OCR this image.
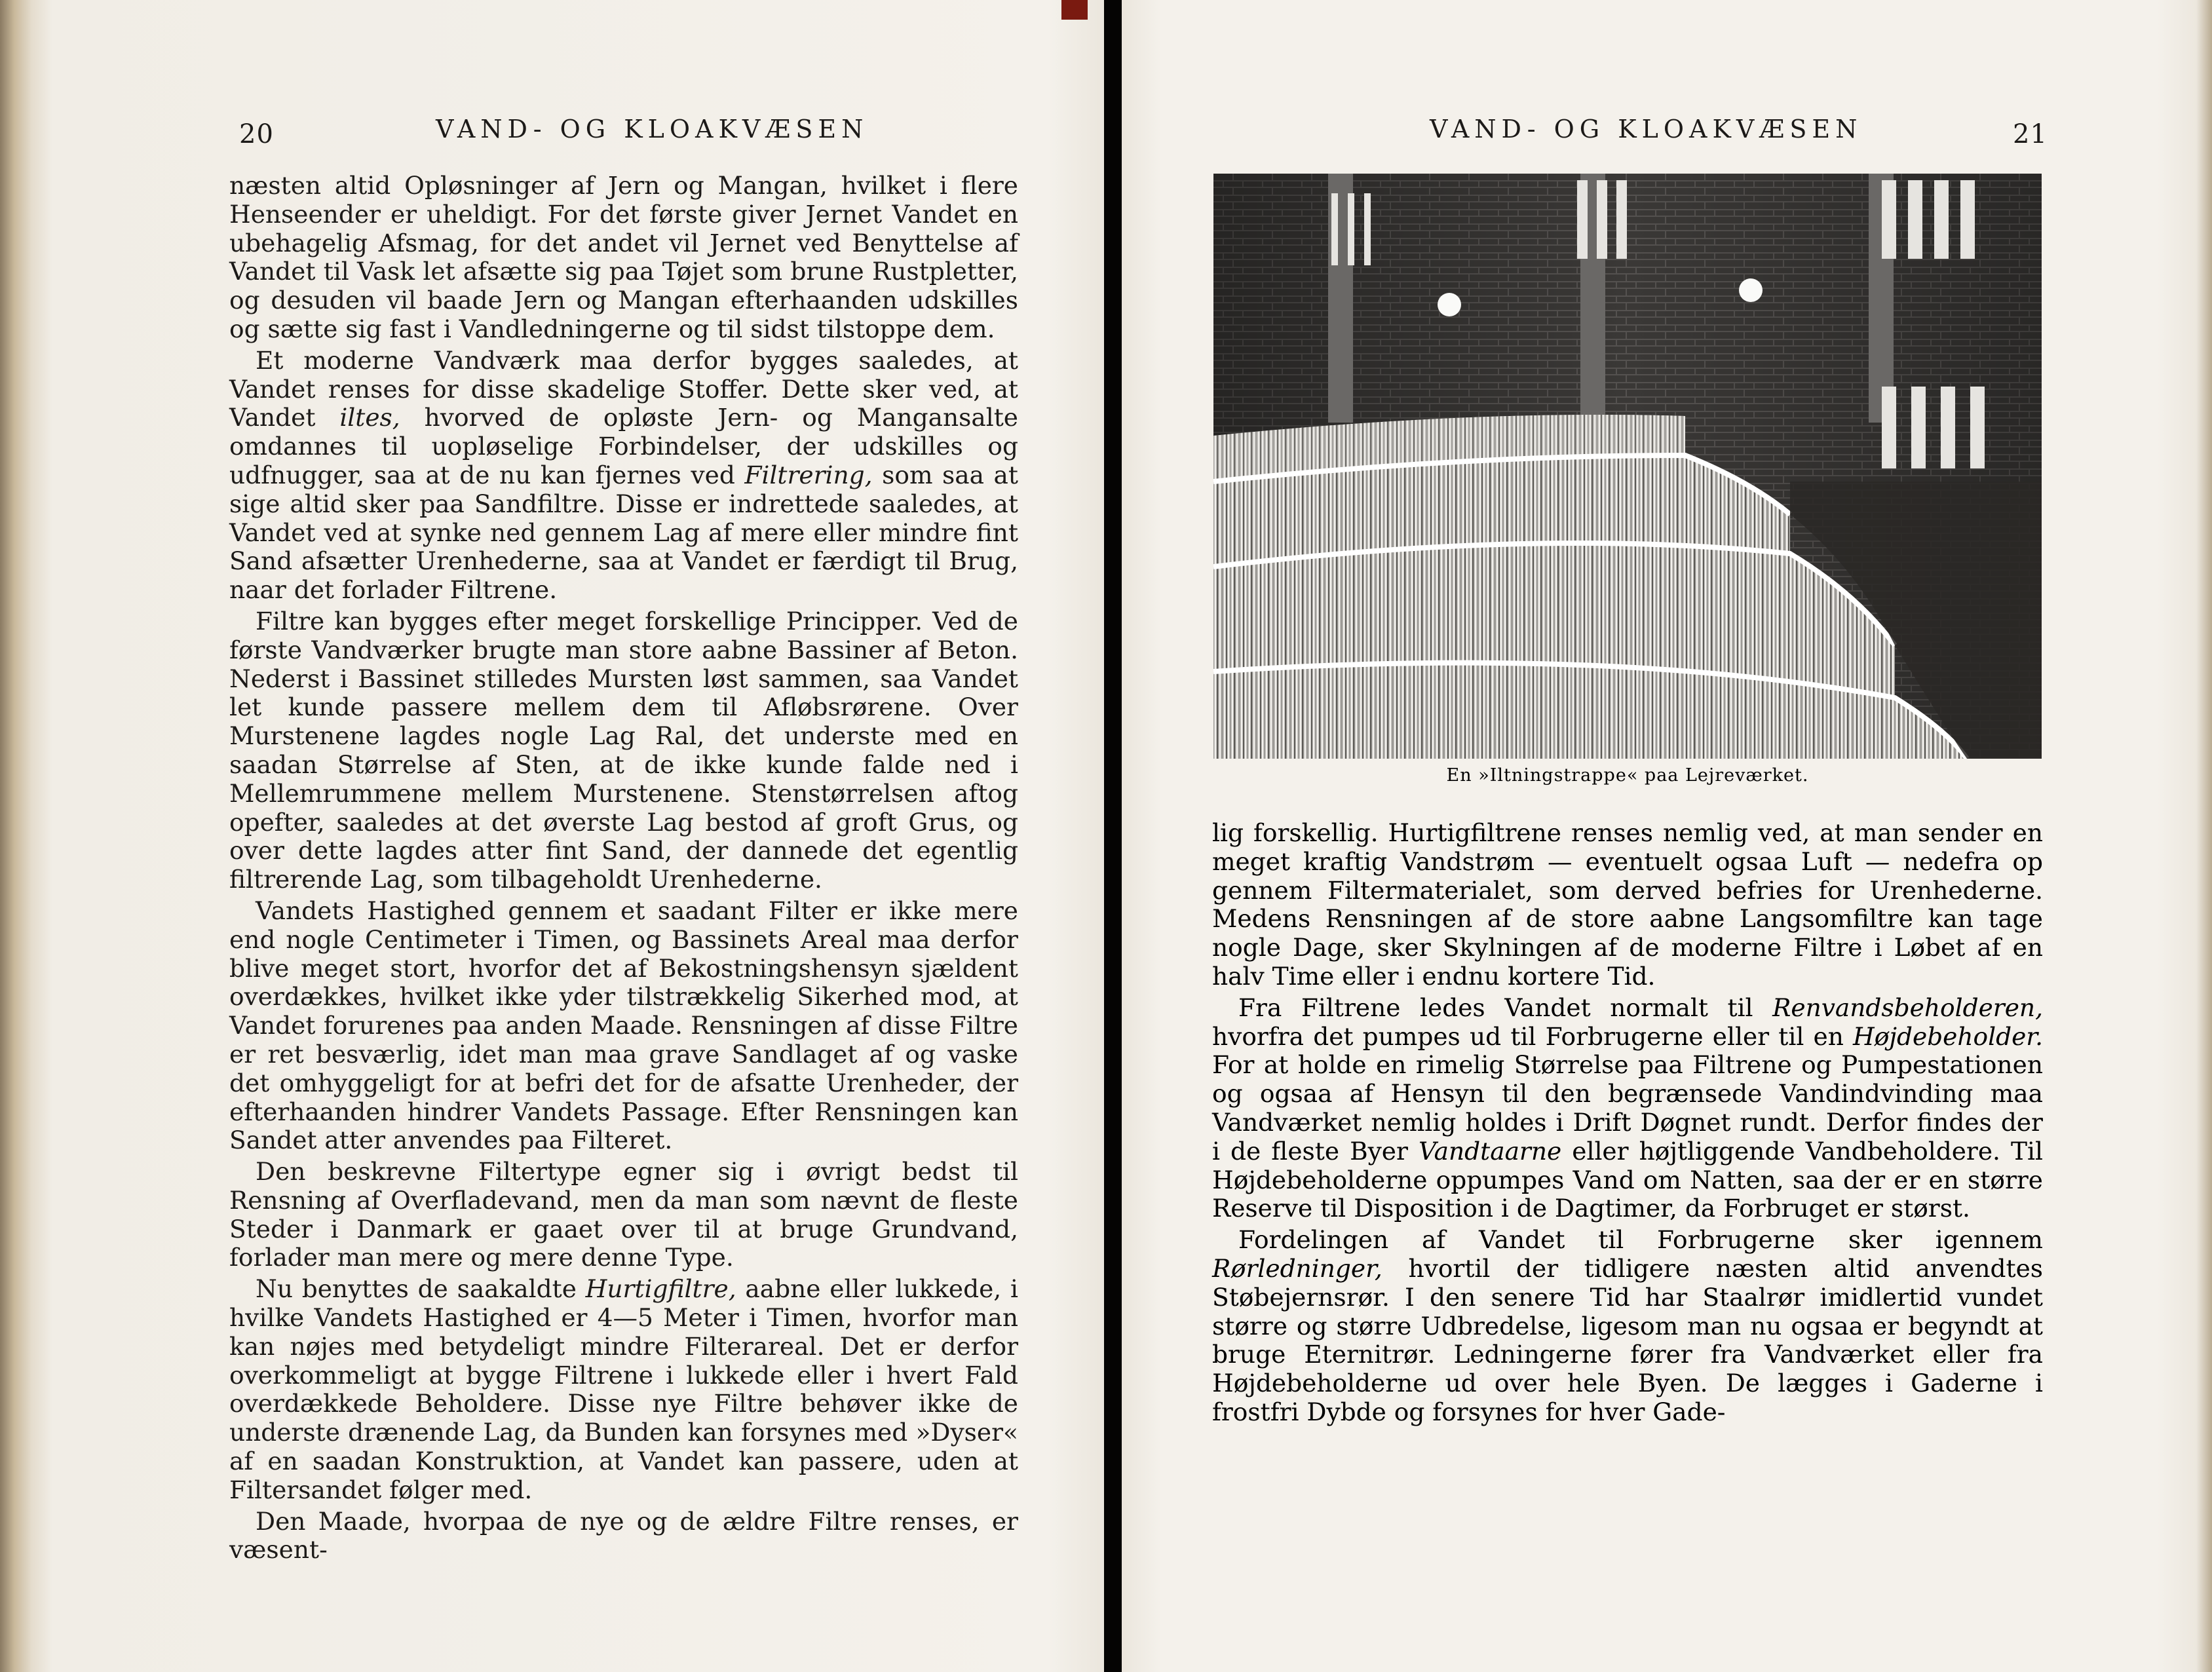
20	VAND- OG KLOAKVÆSEN

næsten altid Opløsninger af Jern og Mangan, hvilket i flere Henseender er uheldigt. For det første giver Jernet Vandet en ubehagelig Afsmag, for det andet vil Jernet ved Benyttelse af Vandet til Vask let afsætte sig paa Tøjet som brune Rustpletter, og desuden vil baade Jern og Mangan efterhaanden udskilles og sætte sig fast i Vandledningerne og til sidst tilstoppe dem.

Et moderne Vandværk maa derfor bygges saaledes, at Vandet renses for disse skadelige Stoffer. Dette sker ved, at Vandet iltes, hvorved de opløste Jern- og Mangansalte omdannes til uopløselige Forbindelser, der udskilles og udfnugger, saa at de nu kan fjernes ved Filtrering, som saa at sige altid sker paa Sandfiltre. Disse er indrettede saaledes, at Vandet ved at synke ned gennem Lag af mere eller mindre fint Sand afsætter Urenhederne, saa at Vandet er færdigt til Brug, naar det forlader Filtrene.

Filtre kan bygges efter meget forskellige Principper. Ved de første Vandværker brugte man store aabne Bassiner af Beton. Nederst i Bassinet stilledes Mursten løst sammen, saa Vandet let kunde passere mellem dem til Afløbsrørene. Over Murstenene lagdes nogle Lag Ral, det underste med en saadan Størrelse af Sten, at de ikke kunde falde ned i Mellemrummene mellem Murstenene. Stenstørrelsen aftog opefter, saaledes at det øverste Lag bestod af groft Grus, og over dette lagdes atter fint Sand, der dannede det egentlig filtrerende Lag, som tilbageholdt Urenhederne.

Vandets Hastighed gennem et saadant Filter er ikke mere end nogle Centimeter i Timen, og Bassinets Areal maa derfor blive meget stort, hvorfor det af Bekostningshensyn sjældent overdækkes, hvilket ikke yder tilstrækkelig Sikerhed mod, at Vandet forurenes paa anden Maade. Rensningen af disse Filtre er ret besværlig, idet man maa grave Sandlaget af og vaske det omhyggeligt for at befri det for de afsatte Urenheder, der efterhaanden hindrer Vandets Passage. Efter Rensningen kan Sandet atter anvendes paa Filteret.

Den beskrevne Filtertype egner sig i øvrigt bedst til Rensning af Overfladevand, men da man som nævnt de fleste Steder i Danmark er gaaet over til at bruge Grundvand, forlader man mere og mere denne Type.

Nu benyttes de saakaldte Hurtigfiltre, aabne eller lukkede, i hvilke Vandets Hastighed er 4—5 Meter i Timen, hvorfor man kan nøjes med betydeligt mindre Filterareal. Det er derfor overkommeligt at bygge Filtrene i lukkede eller i hvert Fald overdækkede Beholdere. Disse nye Filtre behøver ikke de underste drænende Lag, da Bunden kan forsynes med »Dyser« af en saadan Konstruktion, at Vandet kan passere, uden at Filtersandet følger med.

Den Maade, hvorpaa de nye og de ældre Filtre renses, er væsent-

VAND- OG KLOAKVÆSEN	21
En »Iltningstrappe« paa Lejreværket.

lig forskellig. Hurtigfiltrene renses nemlig ved, at man sender en meget kraftig Vandstrøm — eventuelt ogsaa Luft — nedefra op gennem Filtermaterialet, som derved befries for Urenhederne. Medens Rensningen af de store aabne Langsomfiltre kan tage nogle Dage, sker Skylningen af de moderne Filtre i Løbet af en halv Time eller i endnu kortere Tid.

Fra Filtrene ledes Vandet normalt til Renvandsbeholderen, hvorfra det pumpes ud til Forbrugerne eller til en Højdebeholder. For at holde en rimelig Størrelse paa Filtrene og Pumpestationen og ogsaa af Hensyn til den begrænsede Vandindvinding maa Vandværket nemlig holdes i Drift Døgnet rundt. Derfor findes der i de fleste Byer Vandtaarne eller højtliggende Vandbeholdere. Til Højdebeholderne oppumpes Vand om Natten, saa der er en større Reserve til Disposition i de Dagtimer, da Forbruget er størst.

Fordelingen af Vandet til Forbrugerne sker igennem Rørledninger, hvortil der tidligere næsten altid anvendtes Støbejernsrør. I den senere Tid har Staalrør imidlertid vundet større og større Udbredelse, ligesom man nu ogsaa er begyndt at bruge Eternitrør. Ledningerne fører fra Vandværket eller fra Højdebeholderne ud over hele Byen. De lægges i Gaderne i frostfri Dybde og forsynes for hver Gade-
